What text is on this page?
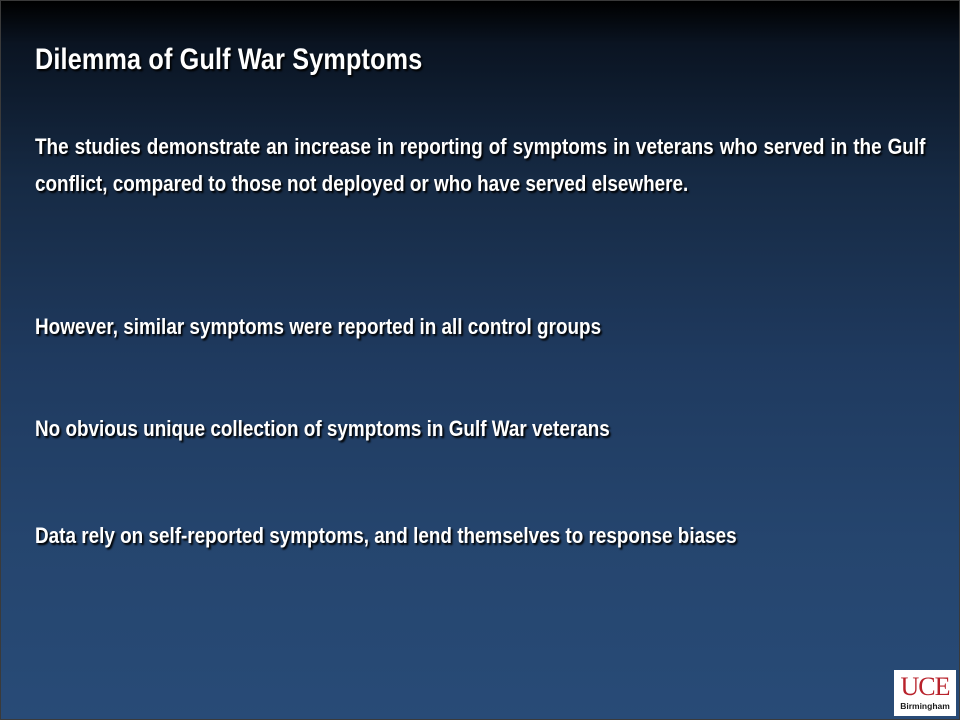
Dilemma of Gulf War Symptoms

The studies demonstrate an increase in reporting of symptoms in veterans who served in the Gulf conflict, compared to those not deployed or who have served elsewhere.

However, similar symptoms were reported in all control groups

No obvious unique collection of symptoms in Gulf War veterans

Data rely on self-reported symptoms, and lend themselves to response biases

UCE
Birmingham
